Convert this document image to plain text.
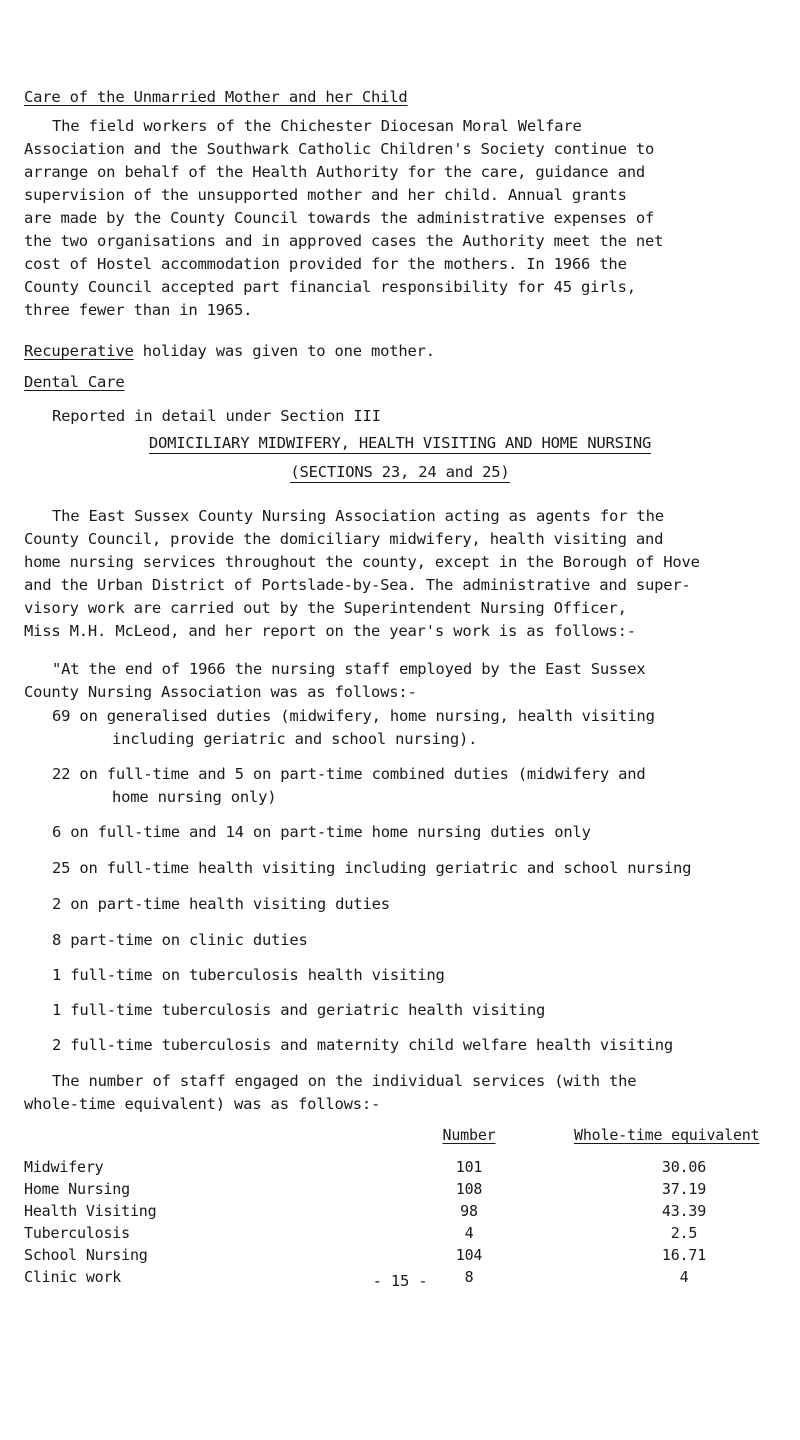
Care of the Unmarried Mother and her Child
The field workers of the Chichester Diocesan Moral Welfare
Association and the Southwark Catholic Children's Society continue to
arrange on behalf of the Health Authority for the care, guidance and
supervision of the unsupported mother and her child. Annual grants
are made by the County Council towards the administrative expenses of
the two organisations and in approved cases the Authority meet the net
cost of Hostel accommodation provided for the mothers. In 1966 the
County Council accepted part financial responsibility for 45 girls,
three fewer than in 1965.
Recuperative holiday was given to one mother.
Dental Care
Reported in detail under Section III
DOMICILIARY MIDWIFERY, HEALTH VISITING AND HOME NURSING
(SECTIONS 23, 24 and 25)
The East Sussex County Nursing Association acting as agents for the
County Council, provide the domiciliary midwifery, health visiting and
home nursing services throughout the county, except in the Borough of Hove
and the Urban District of Portslade-by-Sea. The administrative and super-
visory work are carried out by the Superintendent Nursing Officer,
Miss M.H. McLeod, and her report on the year's work is as follows:-
"At the end of 1966 the nursing staff employed by the East Sussex
County Nursing Association was as follows:-
69 on generalised duties (midwifery, home nursing, health visiting
including geriatric and school nursing).
22 on full-time and 5 on part-time combined duties (midwifery and
home nursing only)
6 on full-time and 14 on part-time home nursing duties only
25 on full-time health visiting including geriatric and school nursing
2 on part-time health visiting duties
8 part-time on clinic duties
1 full-time on tuberculosis health visiting
1 full-time tuberculosis and geriatric health visiting
2 full-time tuberculosis and maternity child welfare health visiting
The number of staff engaged on the individual services (with the
whole-time equivalent) was as follows:-
	Number		Whole-time equivalent
Midwifery	101		30.06
Home Nursing	108		37.19
Health Visiting	98		43.39
Tuberculosis	4		2.5
School Nursing	104		16.71
Clinic work	8		4
- 15 -
